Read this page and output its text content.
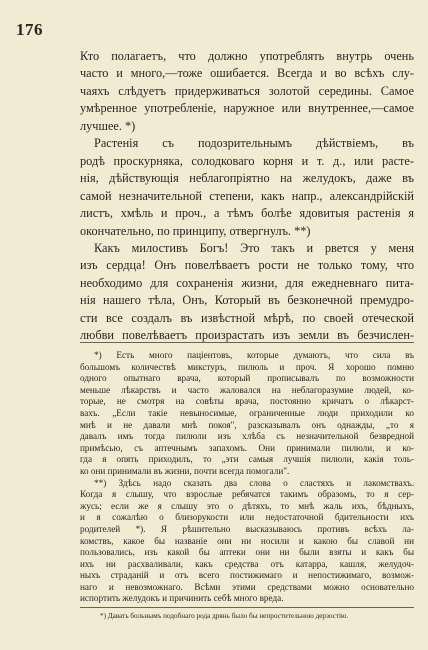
176

Кто полагаетъ, что должно употреблять внутрь очень

часто и много,—тоже ошибается. Всегда и во всѣхъ слу-

чаяхъ слѣдуетъ придерживаться золотой середины. Самое

умѣренное употребленіе, наружное или внутреннее,—самое

лучшее. *)

Растенія съ подозрительнымъ дѣйствіемъ, въ

родѣ проскурняка, солодковаго корня и т. д., или расте-

нія, дѣйствующія неблагопріятно на желудокъ, даже въ

самой незначительной степени, какъ напр., александрійскій

листъ, хмѣль и проч., а тѣмъ болѣе ядовитыя растенія я

окончательно, по принципу, отвергнулъ. **)

Какъ милостивъ Богъ! Это такъ и рвется у меня

изъ сердца! Онъ повелѣваетъ рости не только тому, что

необходимо для сохраненія жизни, для ежедневнаго пита-

нія нашего тѣла, Онъ, Который въ безконечной премудро-

сти все создалъ въ извѣстной мѣрѣ, по своей отеческой

любви повелѣваетъ произрастать изъ земли въ безчислен-

*) Есть много паціентовъ, которые думаютъ, что сила въ

большомъ количествѣ микстуръ, пилюль и проч. Я хорошо помню

одного опытнаго врача, который прописывалъ по возможности

меньше лѣкарствъ и часто жаловался на неблагоразумие людей, ко-

торые, не смотря на совѣты врача, постоянно кричатъ о лѣкарст-

вахъ. „Если такіе невыносимые, ограниченные люди приходили ко

мнѣ и не давали мнѣ покоя", разсказывалъ онъ однажды, „то я

давалъ имъ тогда пилюли изъ хлѣба съ незначительной безвредной

примѣсью, съ аптечнымъ запахомъ. Они принимали пилюли, и ко-

гда я опять приходилъ, то „эти самыя лучшія пилюли, какія толь-

ко они принимали въ жизни, почти всегда помогали".

**) Здѣсь надо сказать два слова о сластяхъ и лакомствахъ.

Когда я слышу, что взрослые ребячатся такимъ образомъ, то я сер-

жусь; если же я слышу это о дѣтяхъ, то мнѣ жаль ихъ, бѣдныхъ,

и я сожалѣю о близорукости или недостаточной бдительности ихъ

родителей *). Я рѣшительно высказываюсь противъ всѣхъ ла-

комствъ, какое бы названіе они ни носили и какою бы славой ни

пользовались, изъ какой бы аптеки они ни были взяты и какъ бы

ихъ ни расхваливали, какъ средства отъ катарра, кашля, желудоч-

ныхъ страданій и отъ всего постижимаго и непостижимаго, возмож-

наго и невозможнаго. Всѣми этими средствами можно основательно

испортить желудокъ и причинить себѣ много вреда.

*) Давать больнымъ подобнаго рода дрянь было бы непростительною дерзостію.
